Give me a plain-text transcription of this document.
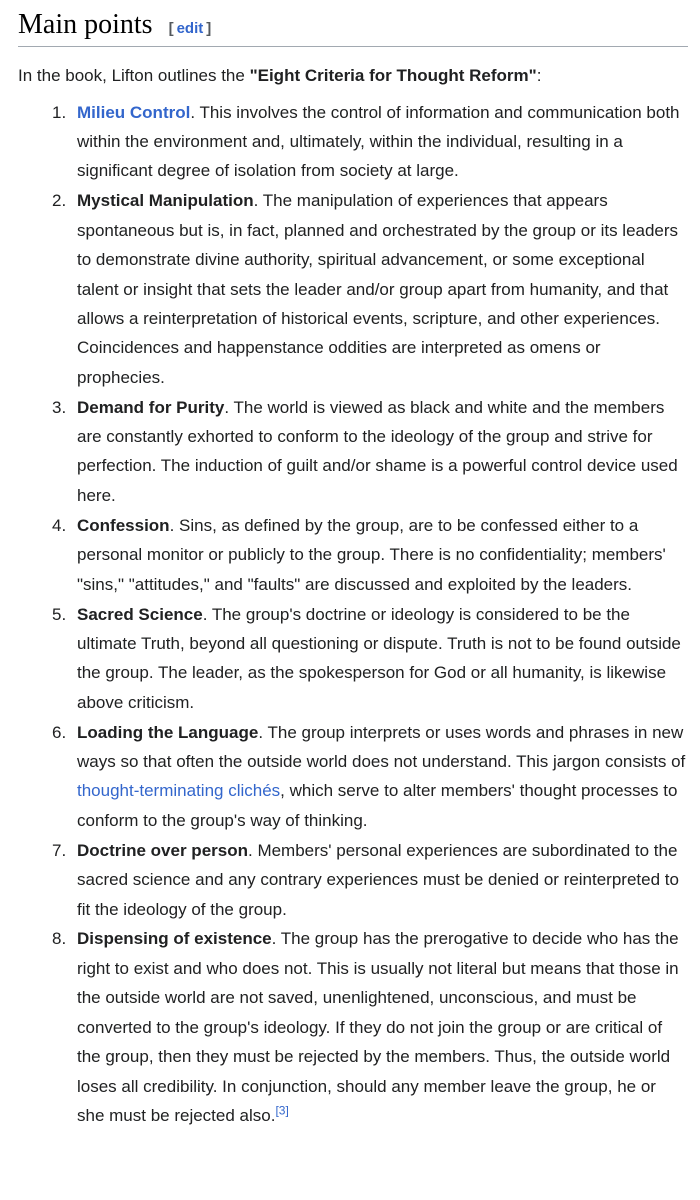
Main points [ edit ]

In the book, Lifton outlines the "Eight Criteria for Thought Reform":

1. Milieu Control. This involves the control of information and communication both within the environment and, ultimately, within the individual, resulting in a significant degree of isolation from society at large.
2. Mystical Manipulation. The manipulation of experiences that appears spontaneous but is, in fact, planned and orchestrated by the group or its leaders to demonstrate divine authority, spiritual advancement, or some exceptional talent or insight that sets the leader and/or group apart from humanity, and that allows a reinterpretation of historical events, scripture, and other experiences. Coincidences and happenstance oddities are interpreted as omens or prophecies.
3. Demand for Purity. The world is viewed as black and white and the members are constantly exhorted to conform to the ideology of the group and strive for perfection. The induction of guilt and/or shame is a powerful control device used here.
4. Confession. Sins, as defined by the group, are to be confessed either to a personal monitor or publicly to the group. There is no confidentiality; members' "sins," "attitudes," and "faults" are discussed and exploited by the leaders.
5. Sacred Science. The group's doctrine or ideology is considered to be the ultimate Truth, beyond all questioning or dispute. Truth is not to be found outside the group. The leader, as the spokesperson for God or all humanity, is likewise above criticism.
6. Loading the Language. The group interprets or uses words and phrases in new ways so that often the outside world does not understand. This jargon consists of thought-terminating clichés, which serve to alter members' thought processes to conform to the group's way of thinking.
7. Doctrine over person. Members' personal experiences are subordinated to the sacred science and any contrary experiences must be denied or reinterpreted to fit the ideology of the group.
8. Dispensing of existence. The group has the prerogative to decide who has the right to exist and who does not. This is usually not literal but means that those in the outside world are not saved, unenlightened, unconscious, and must be converted to the group's ideology. If they do not join the group or are critical of the group, then they must be rejected by the members. Thus, the outside world loses all credibility. In conjunction, should any member leave the group, he or she must be rejected also.[3]
